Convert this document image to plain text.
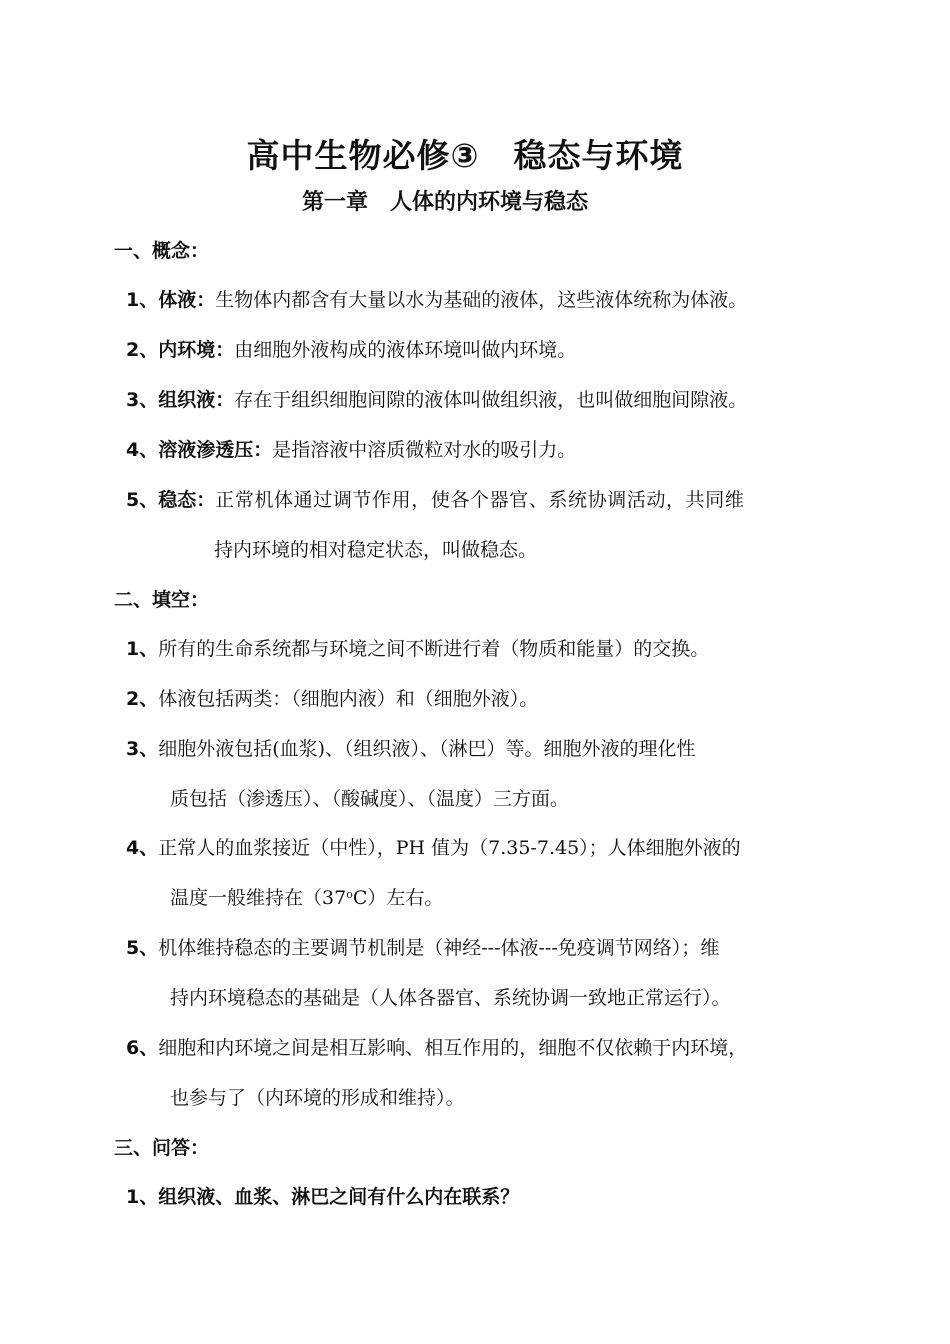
高中生物必修③　稳态与环境
第一章　人体的内环境与稳态
一、概念：
1、体液：生物体内都含有大量以水为基础的液体，这些液体统称为体液。
2、内环境：由细胞外液构成的液体环境叫做内环境。
3、组织液：存在于组织细胞间隙的液体叫做组织液，也叫做细胞间隙液。
4、溶液渗透压：是指溶液中溶质微粒对水的吸引力。
5、稳态：正常机体通过调节作用，使各个器官、系统协调活动，共同维
持内环境的相对稳定状态，叫做稳态。
二、填空：
1、所有的生命系统都与环境之间不断进行着（物质和能量）的交换。
2、体液包括两类：（细胞内液）和（细胞外液）。
3、细胞外液包括(血浆)、（组织液）、（淋巴）等。细胞外液的理化性
质包括（渗透压）、（酸碱度）、（温度）三方面。
4、正常人的血浆接近（中性），PH 值为（7.35-7.45）；人体细胞外液的
温度一般维持在（37$^o$C）左右。
5、机体维持稳态的主要调节机制是（神经---体液---免疫调节网络）；维
持内环境稳态的基础是（人体各器官、系统协调一致地正常运行）。
6、细胞和内环境之间是相互影响、相互作用的，细胞不仅依赖于内环境，
也参与了（内环境的形成和维持）。
三、问答：
1、组织液、血浆、淋巴之间有什么内在联系？
